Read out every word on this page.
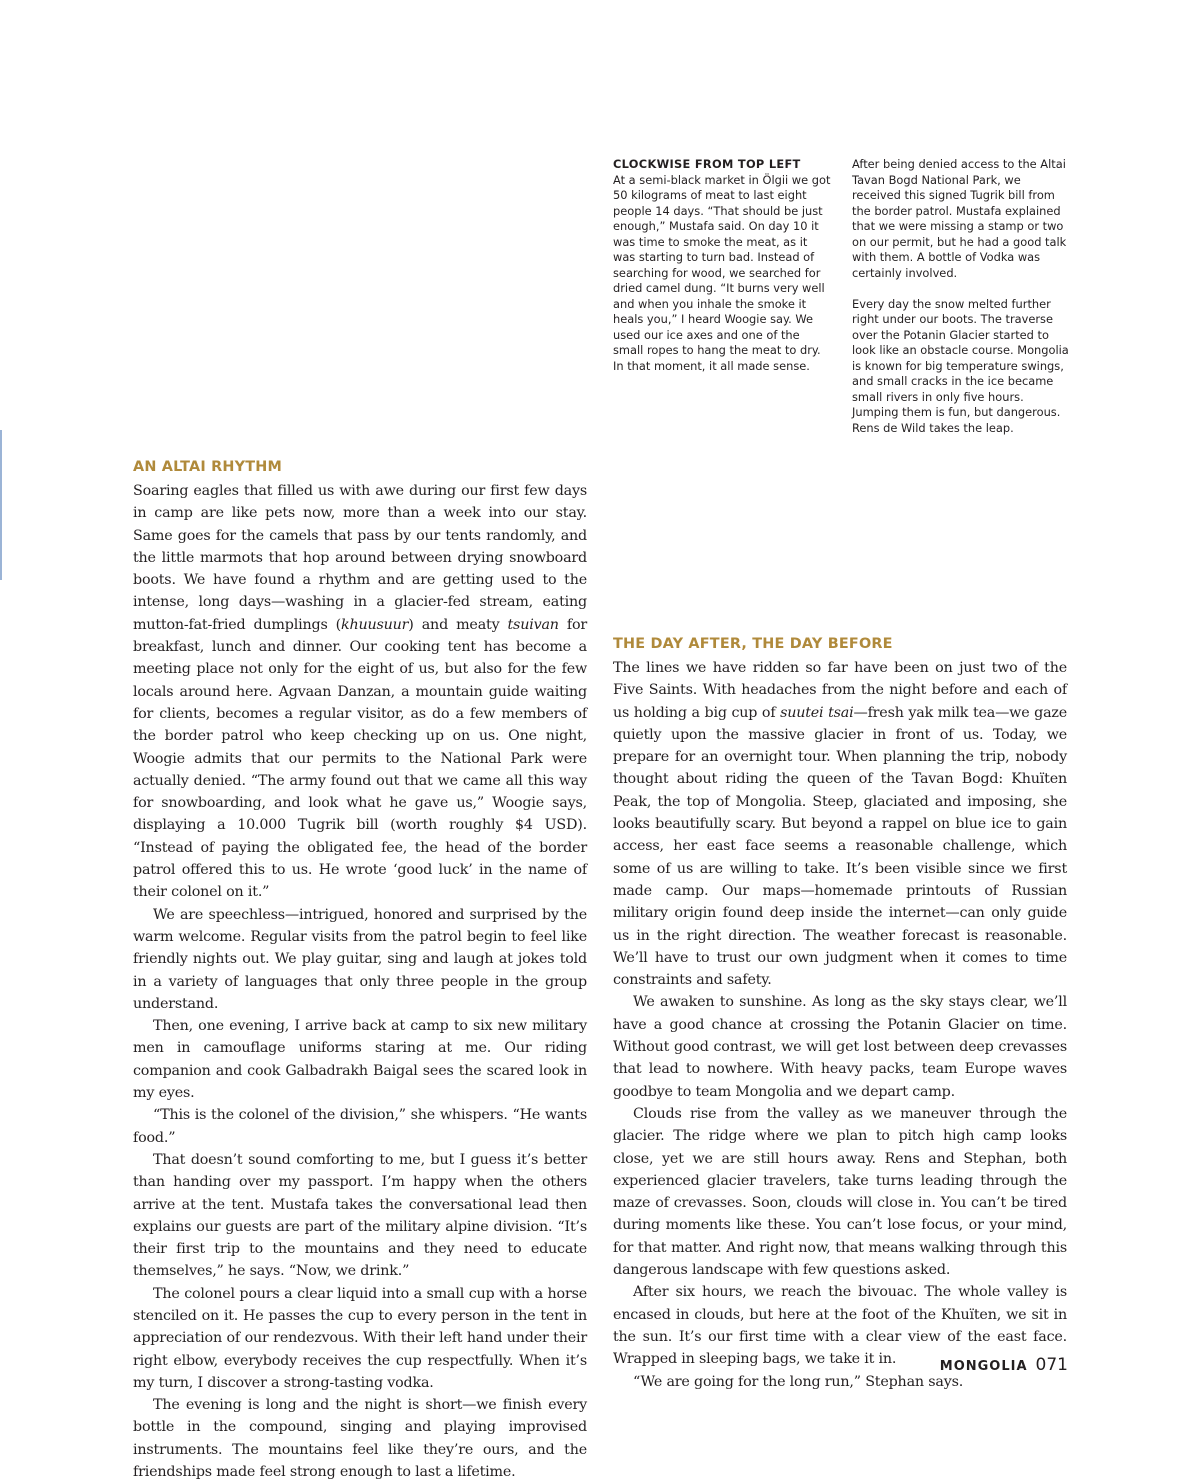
CLOCKWISE FROM TOP LEFT

At a semi-black market in Ölgii we got 50 kilograms of meat to last eight people 14 days. “That should be just enough,” Mustafa said. On day 10 it was time to smoke the meat, as it was starting to turn bad. Instead of searching for wood, we searched for dried camel dung. “It burns very well and when you inhale the smoke it heals you,” I heard Woogie say. We used our ice axes and one of the small ropes to hang the meat to dry. In that moment, it all made sense.

After being denied access to the Altai Tavan Bogd National Park, we received this signed Tugrik bill from the border patrol. Mustafa explained that we were missing a stamp or two on our permit, but he had a good talk with them. A bottle of Vodka was certainly involved.

Every day the snow melted further right under our boots. The traverse over the Potanin Glacier started to look like an obstacle course. Mongolia is known for big temperature swings, and small cracks in the ice became small rivers in only five hours. Jumping them is fun, but dangerous. Rens de Wild takes the leap.

AN ALTAI RHYTHM

Soaring eagles that filled us with awe during our first few days in camp are like pets now, more than a week into our stay. Same goes for the camels that pass by our tents randomly, and the little marmots that hop around between drying snowboard boots. We have found a rhythm and are getting used to the intense, long days—washing in a glacier-fed stream, eating mutton-fat-fried dumplings (khuusuur) and meaty tsuivan for breakfast, lunch and dinner. Our cooking tent has become a meeting place not only for the eight of us, but also for the few locals around here. Agvaan Danzan, a mountain guide waiting for clients, becomes a regular visitor, as do a few members of the border patrol who keep checking up on us. One night, Woogie admits that our permits to the National Park were actually denied. “The army found out that we came all this way for snowboarding, and look what he gave us,” Woogie says, displaying a 10.000 Tugrik bill (worth roughly $4 USD). “Instead of paying the obligated fee, the head of the border patrol offered this to us. He wrote ‘good luck’ in the name of their colonel on it.”

We are speechless—intrigued, honored and surprised by the warm welcome. Regular visits from the patrol begin to feel like friendly nights out. We play guitar, sing and laugh at jokes told in a variety of languages that only three people in the group understand.

Then, one evening, I arrive back at camp to six new military men in camouflage uniforms staring at me. Our riding companion and cook Galbadrakh Baigal sees the scared look in my eyes.

“This is the colonel of the division,” she whispers. “He wants food.”

That doesn’t sound comforting to me, but I guess it’s better than handing over my passport. I’m happy when the others arrive at the tent. Mustafa takes the conversational lead then explains our guests are part of the military alpine division. “It’s their first trip to the mountains and they need to educate themselves,” he says. “Now, we drink.”

The colonel pours a clear liquid into a small cup with a horse stenciled on it. He passes the cup to every person in the tent in appreciation of our rendezvous. With their left hand under their right elbow, everybody receives the cup respectfully. When it’s my turn, I discover a strong-tasting vodka.

The evening is long and the night is short—we finish every bottle in the compound, singing and playing improvised instruments. The mountains feel like they’re ours, and the friendships made feel strong enough to last a lifetime.

THE DAY AFTER, THE DAY BEFORE

The lines we have ridden so far have been on just two of the Five Saints. With headaches from the night before and each of us holding a big cup of suutei tsai—fresh yak milk tea—we gaze quietly upon the massive glacier in front of us. Today, we prepare for an overnight tour. When planning the trip, nobody thought about riding the queen of the Tavan Bogd: Khuïten Peak, the top of Mongolia. Steep, glaciated and imposing, she looks beautifully scary. But beyond a rappel on blue ice to gain access, her east face seems a reasonable challenge, which some of us are willing to take. It’s been visible since we first made camp. Our maps—homemade printouts of Russian military origin found deep inside the internet—can only guide us in the right direction. The weather forecast is reasonable. We’ll have to trust our own judgment when it comes to time constraints and safety.

We awaken to sunshine. As long as the sky stays clear, we’ll have a good chance at crossing the Potanin Glacier on time. Without good contrast, we will get lost between deep crevasses that lead to nowhere. With heavy packs, team Europe waves goodbye to team Mongolia and we depart camp.

Clouds rise from the valley as we maneuver through the glacier. The ridge where we plan to pitch high camp looks close, yet we are still hours away. Rens and Stephan, both experienced glacier travelers, take turns leading through the maze of crevasses. Soon, clouds will close in. You can’t be tired during moments like these. You can’t lose focus, or your mind, for that matter. And right now, that means walking through this dangerous landscape with few questions asked.

After six hours, we reach the bivouac. The whole valley is encased in clouds, but here at the foot of the Khuïten, we sit in the sun. It’s our first time with a clear view of the east face. Wrapped in sleeping bags, we take it in.

“We are going for the long run,” Stephan says.

MONGOLIA 071
